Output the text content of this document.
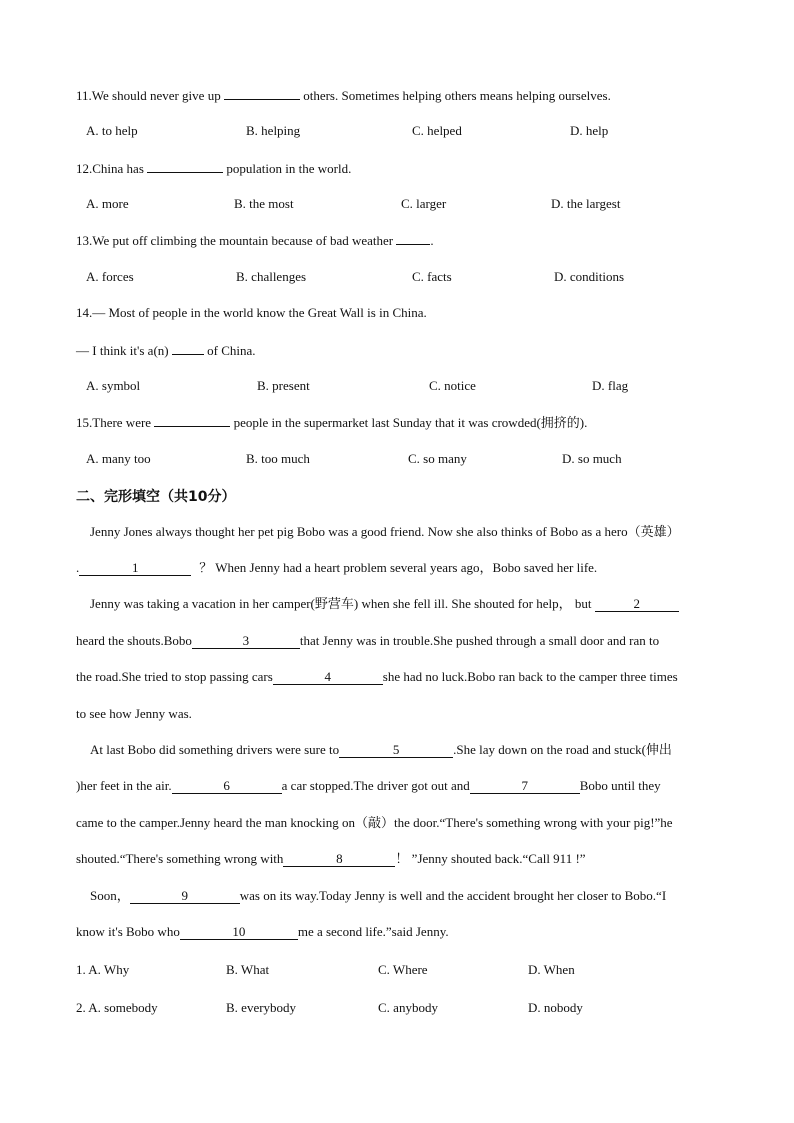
11.We should never give up	others. Sometimes helping others means helping ourselves.
A. to help	B. helping	C. helped	D. help
12.China has	population in the world.
A. more	B. the most	C. larger	D. the largest
13.We put off climbing the mountain because of bad weather	.
A. forces	B. challenges	C. facts	D. conditions
14.— Most of people in the world know the Great Wall is in China.
— I think it's a(n)  of China.
A. symbol	B. present	C. notice	D. flag
15.There were	people in the supermarket last Sunday that it was crowded(拥挤的).
A. many too	B. too much	C. so many	D. so much
二、完形填空（共10分）
Jenny Jones always thought her pet pig Bobo was a good friend. Now she also thinks of Bobo as a hero（英雄）
.	1	？ When Jenny had a heart problem several years ago，Bobo saved her life.
Jenny was taking a vacation in her camper(野营车) when she fell ill. She shouted for help， but	2
heard the shouts.Bobo	3	that Jenny was in trouble.She pushed through a small door and ran to
the road.She tried to stop passing cars	4	she had no luck.Bobo ran back to the camper three times
to see how Jenny was.
At last Bobo did something drivers were sure to	5	.She lay down on the road and stuck(伸出
)her feet in the air.	6	a car stopped.The driver got out and	7	Bobo until they
came to the camper.Jenny heard the man knocking on（敲）the door.“There's something wrong with your pig!”he
shouted.“There's something wrong with	8	！ ”Jenny shouted back.“Call 911 !”
Soon，	9	was on its way.Today Jenny is well and the accident brought her closer to Bobo.“I
know it's Bobo who	10	me a second life.”said Jenny.
1. A. Why	B. What	C. Where	D. When
2. A. somebody	B. everybody	C. anybody	D. nobody
